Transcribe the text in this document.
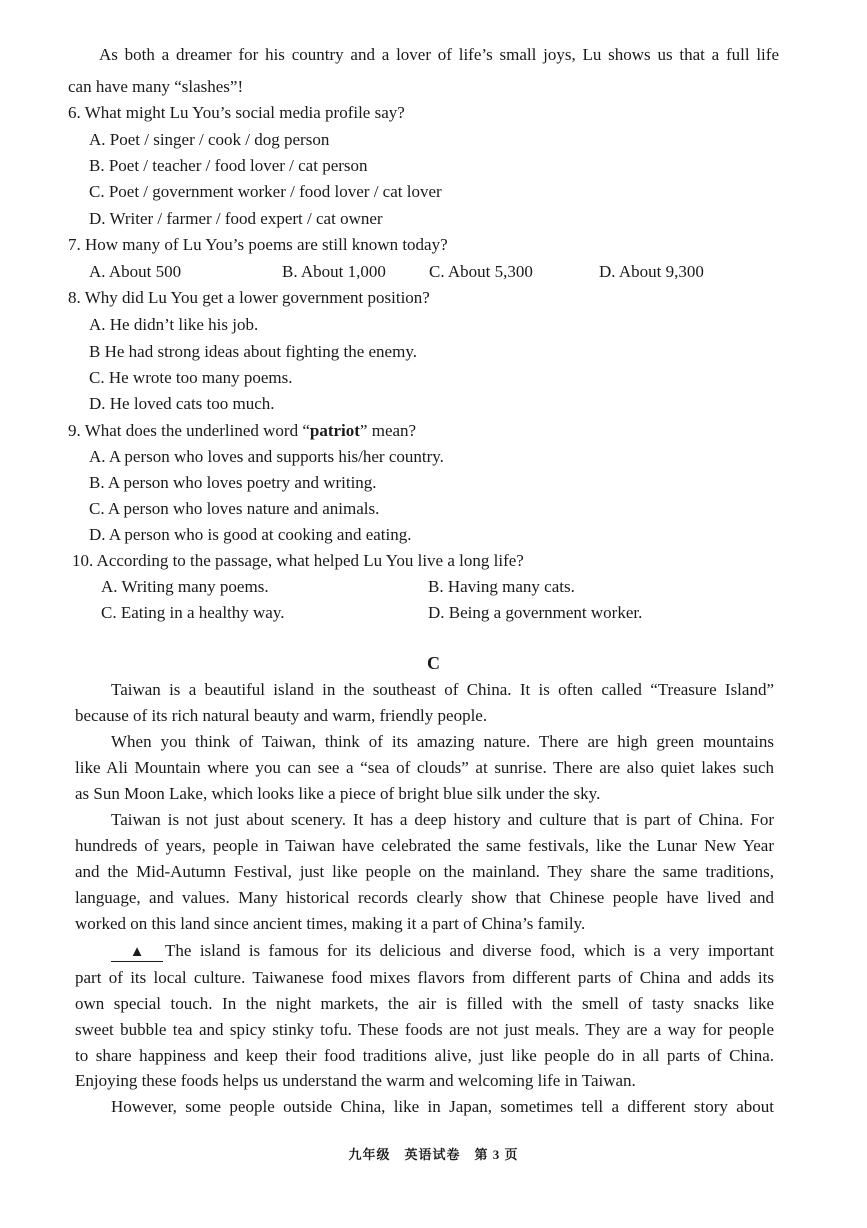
As both a dreamer for his country and a lover of life’s small joys, Lu shows us that a full life
can have many “slashes”!
6. What might Lu You’s social media profile say?
A. Poet / singer / cook / dog person
B. Poet / teacher / food lover / cat person
C. Poet / government worker / food lover / cat lover
D. Writer / farmer / food expert / cat owner
7. How many of Lu You’s poems are still known today?
A. About 500	B. About 1,000	C. About 5,300	D. About 9,300
8. Why did Lu You get a lower government position?
A. He didn’t like his job.
B He had strong ideas about fighting the enemy.
C. He wrote too many poems.
D. He loved cats too much.
9. What does the underlined word “patriot” mean?
A. A person who loves and supports his/her country.
B. A person who loves poetry and writing.
C. A person who loves nature and animals.
D. A person who is good at cooking and eating.
10. According to the passage, what helped Lu You live a long life?
A. Writing many poems.	B. Having many cats.
C. Eating in a healthy way.	D. Being a government worker.
C
Taiwan is a beautiful island in the southeast of China. It is often called “Treasure Island”
because of its rich natural beauty and warm, friendly people.
When you think of Taiwan, think of its amazing nature. There are high green mountains
like Ali Mountain where you can see a “sea of clouds” at sunrise. There are also quiet lakes such
as Sun Moon Lake, which looks like a piece of bright blue silk under the sky.
Taiwan is not just about scenery. It has a deep history and culture that is part of China. For
hundreds of years, people in Taiwan have celebrated the same festivals, like the Lunar New Year
and the Mid-Autumn Festival, just like people on the mainland. They share the same traditions,
language, and values. Many historical records clearly show that Chinese people have lived and
worked on this land since ancient times, making it a part of China’s family.
▲	The island is famous for its delicious and diverse food, which is a very important
part of its local culture. Taiwanese food mixes flavors from different parts of China and adds its
own special touch. In the night markets, the air is filled with the smell of tasty snacks like
sweet bubble tea and spicy stinky tofu. These foods are not just meals. They are a way for people
to share happiness and keep their food traditions alive, just like people do in all parts of China.
Enjoying these foods helps us understand the warm and welcoming life in Taiwan.
However, some people outside China, like in Japan, sometimes tell a different story about
九年级　英语试卷　第 3 页
